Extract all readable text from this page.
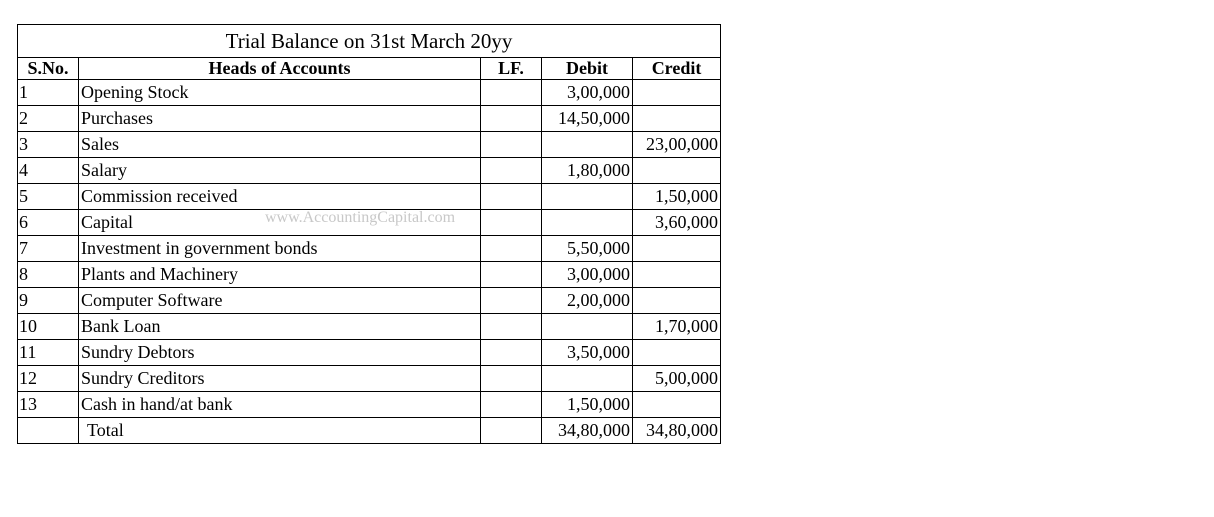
Trial Balance on 31st March 20yy				
S.No.	Heads of Accounts	LF.	Debit	Credit
1	Opening Stock		3,00,000	
2	Purchases		14,50,000	
3	Sales			23,00,000
4	Salary		1,80,000	
5	Commission received			1,50,000
6	Capital			3,60,000
7	Investment in government bonds		5,50,000	
8	Plants and Machinery		3,00,000	
9	Computer Software		2,00,000	
10	Bank Loan			1,70,000
11	Sundry Debtors		3,50,000	
12	Sundry Creditors			5,00,000
13	Cash in hand/at bank		1,50,000	
	Total		34,80,000	34,80,000
www.AccountingCapital.com
